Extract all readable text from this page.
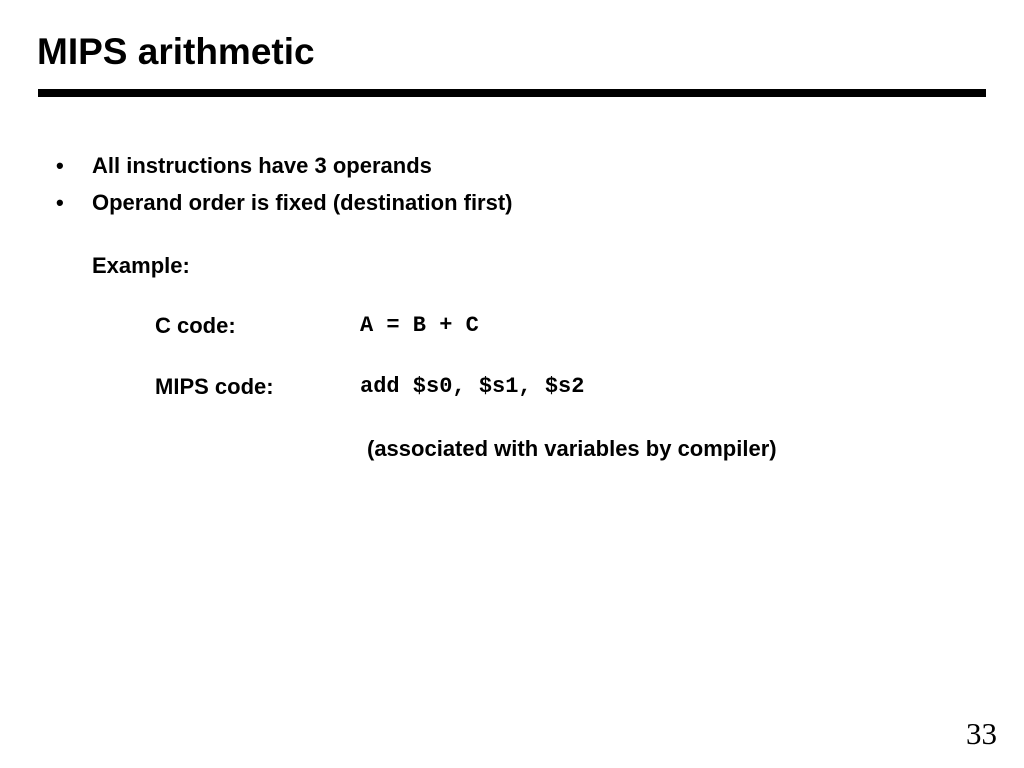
MIPS arithmetic
• All instructions have 3 operands
• Operand order is fixed (destination first)
Example:
C code:	A = B + C
MIPS code:	add $s0, $s1, $s2
(associated with variables by compiler)
33
